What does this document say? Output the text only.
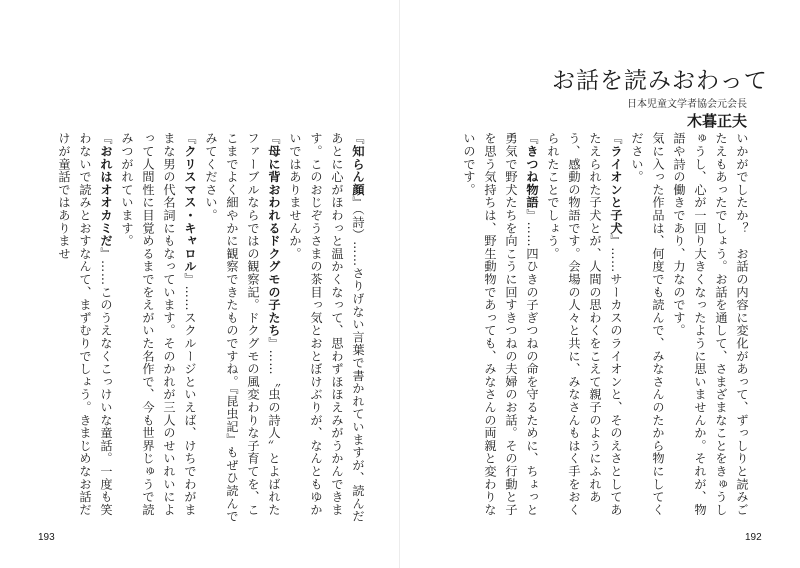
お話を読みおわって
日本児童文学者協会元会長
木暮正夫

いかがでしたか？　お話の内容に変化があって、ずっしりと読みごたえもあったでしょう。お話を通して、さまざまなことをきゅうしゅうし、心が一回り大きくなったように思いませんか。それが、物語や詩の働きであり、力なのです。

気に入った作品は、何度でも読んで、みなさんのたから物にしてください。

『ライオンと子犬』……サーカスのライオンと、そのえさとしてあたえられた子犬とが、人間の思わくをこえて親子のようにふれあう、感動の物語です。会場の人々と共に、みなさんもはく手をおくられたことでしょう。

『きつね物語』……四ひきの子ぎつねの命を守るために、ちょっと勇気で野犬たちを向こうに回すきつねの夫婦のお話。その行動と子を思う気持ちは、野生動物であっても、みなさんの両親と変わりないのです。

『知らん顔』（詩）……さりげない言葉で書かれていますが、読んだあとに心がほわっと温かくなって、思わずほほえみがうかんできます。このおじぞうさまの茶目っ気とおとぼけぶりが、なんともゆかいではありませんか。

『母に背おわれるドクグモの子たち』……〝虫の詩人〟とよばれたファーブルならではの観察記。ドクグモの風変わりな子育てを、ここまでよく細やかに観察できたものですね。『昆虫記』もぜひ読んでみてください。

『クリスマス・キャロル』……スクルージといえば、けちでわがままな男の代名詞にもなっています。そのかれが三人のせいれいによって人間性に目覚めるまでをえがいた名作で、今も世界じゅうで読みつがれています。

『おれはオオカミだ』……このうえなくこっけいな童話。一度も笑わないで読みとおすなんて、まずむりでしょう。きまじめなお話だけが童話ではありませ

193	192
